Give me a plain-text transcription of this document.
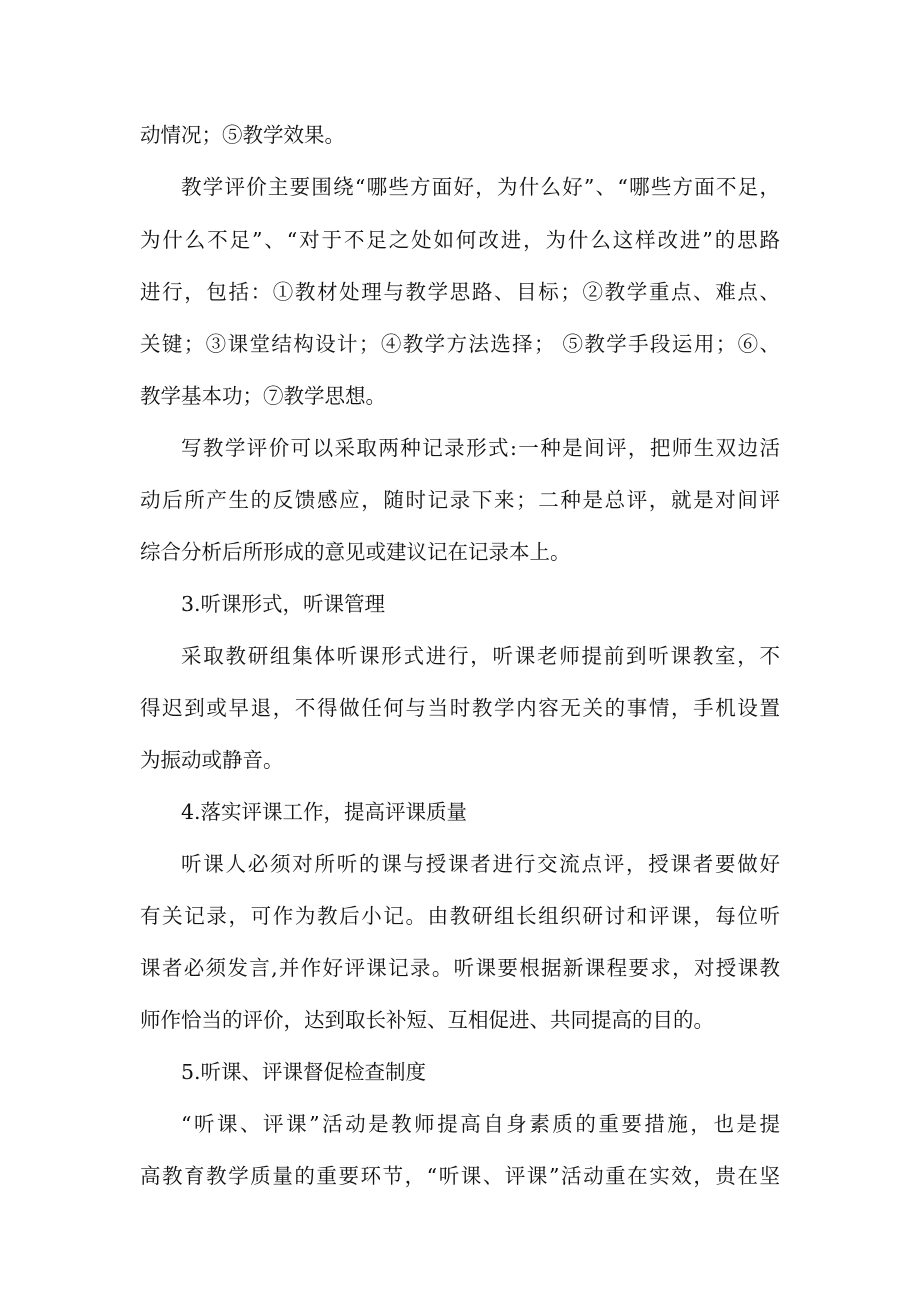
动情况；⑤教学效果。
教学评价主要围绕“哪些方面好，为什么好”、“哪些方面不足，
为什么不足”、“对于不足之处如何改进，为什么这样改进”的思路
进行，包括：①教材处理与教学思路、目标；②教学重点、难点、
关键；③课堂结构设计；④教学方法选择； ⑤教学手段运用；⑥、
教学基本功；⑦教学思想。
写教学评价可以采取两种记录形式:一种是间评，把师生双边活
动后所产生的反馈感应，随时记录下来；二种是总评，就是对间评
综合分析后所形成的意见或建议记在记录本上。
3.听课形式，听课管理
采取教研组集体听课形式进行，听课老师提前到听课教室，不
得迟到或早退，不得做任何与当时教学内容无关的事情，手机设置
为振动或静音。
4.落实评课工作，提高评课质量
听课人必须对所听的课与授课者进行交流点评，授课者要做好
有关记录，可作为教后小记。由教研组长组织研讨和评课，每位听
课者必须发言,并作好评课记录。听课要根据新课程要求，对授课教
师作恰当的评价，达到取长补短、互相促进、共同提高的目的。
5.听课、评课督促检查制度
“听课、评课”活动是教师提高自身素质的重要措施，也是提
高教育教学质量的重要环节，“听课、评课”活动重在实效，贵在坚
